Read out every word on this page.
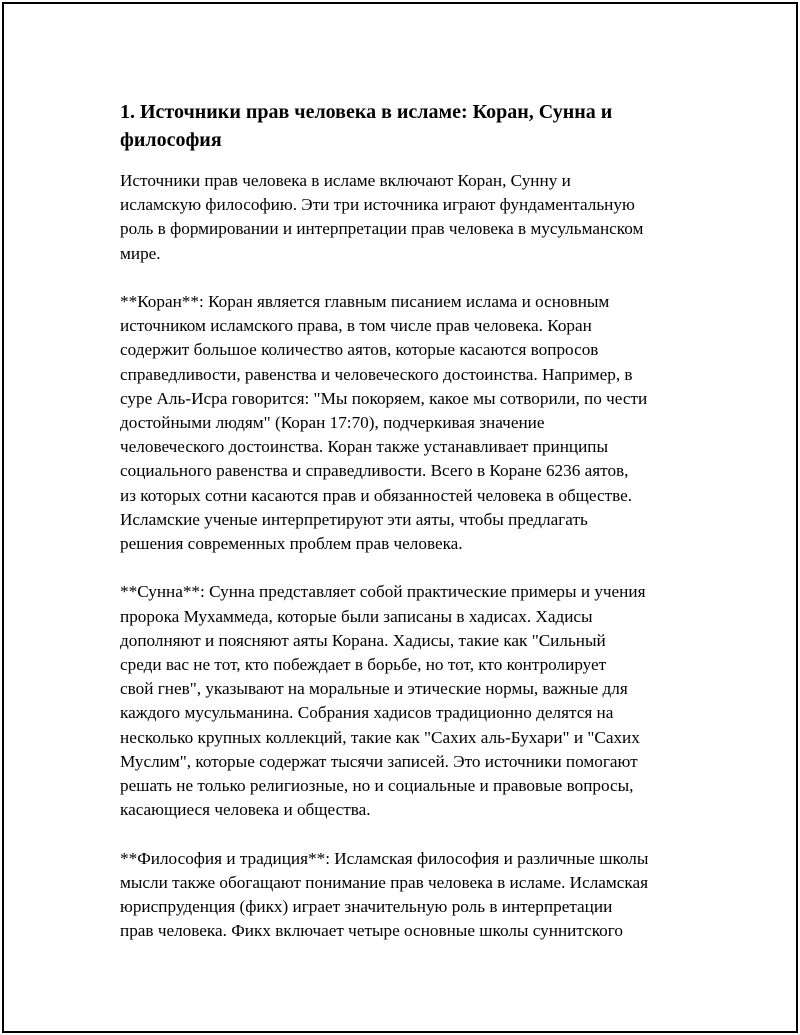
1. Источники прав человека в исламе: Коран, Сунна и
философия
Источники прав человека в исламе включают Коран, Сунну и
исламскую философию. Эти три источника играют фундаментальную
роль в формировании и интерпретации прав человека в мусульманском
мире.
**Коран**: Коран является главным писанием ислама и основным
источником исламского права, в том числе прав человека. Коран
содержит большое количество аятов, которые касаются вопросов
справедливости, равенства и человеческого достоинства. Например, в
суре Аль-Исра говорится: "Мы покоряем, какое мы сотворили, по чести
достойными людям" (Коран 17:70), подчеркивая значение
человеческого достоинства. Коран также устанавливает принципы
социального равенства и справедливости. Всего в Коране 6236 аятов,
из которых сотни касаются прав и обязанностей человека в обществе.
Исламские ученые интерпретируют эти аяты, чтобы предлагать
решения современных проблем прав человека.
**Сунна**: Сунна представляет собой практические примеры и учения
пророка Мухаммеда, которые были записаны в хадисах. Хадисы
дополняют и поясняют аяты Корана. Хадисы, такие как "Сильный
среди вас не тот, кто побеждает в борьбе, но тот, кто контролирует
свой гнев", указывают на моральные и этические нормы, важные для
каждого мусульманина. Собрания хадисов традиционно делятся на
несколько крупных коллекций, такие как "Сахих аль-Бухари" и "Сахих
Муслим", которые содержат тысячи записей. Это источники помогают
решать не только религиозные, но и социальные и правовые вопросы,
касающиеся человека и общества.
**Философия и традиция**: Исламская философия и различные школы
мысли также обогащают понимание прав человека в исламе. Исламская
юриспруденция (фикх) играет значительную роль в интерпретации
прав человека. Фикх включает четыре основные школы суннитского
